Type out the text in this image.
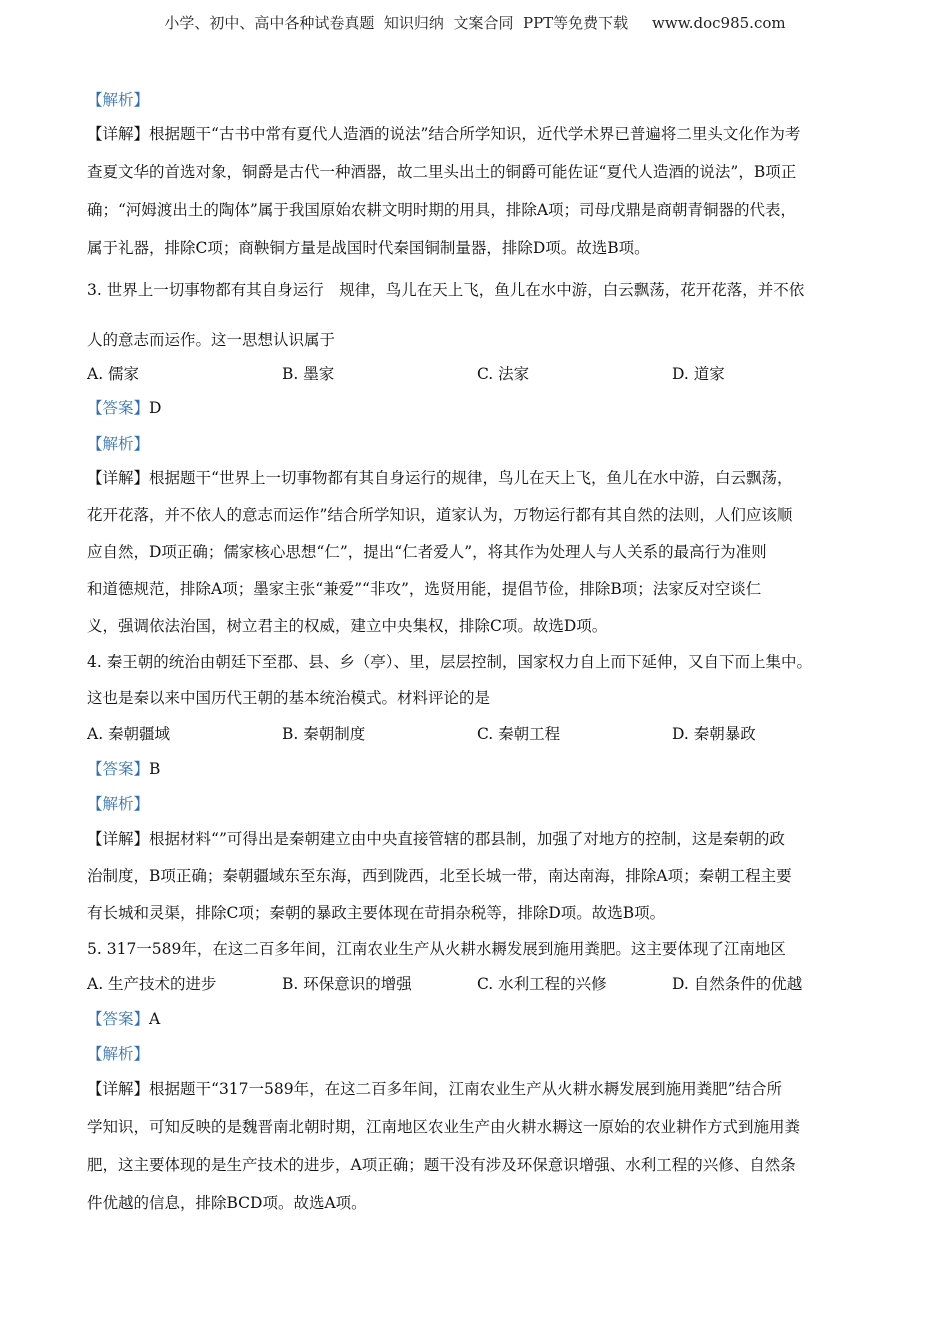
小学、初中、高中各种试卷真题  知识归纳  文案合同  PPT等免费下载     www.doc985.com
【解析】
【详解】根据题干“古书中常有夏代人造酒的说法”结合所学知识，近代学术界已普遍将二里头文化作为考
查夏文华的首选对象，铜爵是古代一种酒器，故二里头出土的铜爵可能佐证“夏代人造酒的说法”，B项正
确；“河姆渡出土的陶体”属于我国原始农耕文明时期的用具，排除A项；司母戊鼎是商朝青铜器的代表，
属于礼器，排除C项；商鞅铜方量是战国时代秦国铜制量器，排除D项。故选B项。
3. 世界上一切事物都有其自身运行　规律，鸟儿在天上飞，鱼儿在水中游，白云飘荡，花开花落，并不依
人的意志而运作。这一思想认识属于
A. 儒家	B. 墨家	C. 法家	D. 道家
【答案】D
【解析】
【详解】根据题干“世界上一切事物都有其自身运行的规律，鸟儿在天上飞，鱼儿在水中游，白云飘荡，
花开花落，并不依人的意志而运作”结合所学知识，道家认为，万物运行都有其自然的法则，人们应该顺
应自然，D项正确；儒家核心思想“仁”，提出“仁者爱人”，将其作为处理人与人关系的最高行为准则
和道德规范，排除A项；墨家主张“兼爱”“非攻”，选贤用能，提倡节俭，排除B项；法家反对空谈仁
义，强调依法治国，树立君主的权威，建立中央集权，排除C项。故选D项。
4. 秦王朝的统治由朝廷下至郡、县、乡（亭）、里，层层控制，国家权力自上而下延伸，又自下而上集中。
这也是秦以来中国历代王朝的基本统治模式。材料评论的是
A. 秦朝疆域	B. 秦朝制度	C. 秦朝工程	D. 秦朝暴政
【答案】B
【解析】
【详解】根据材料“”可得出是秦朝建立由中央直接管辖的郡县制，加强了对地方的控制，这是秦朝的政
治制度，B项正确；秦朝疆域东至东海，西到陇西，北至长城一带，南达南海，排除A项；秦朝工程主要
有长城和灵渠，排除C项；秦朝的暴政主要体现在苛捐杂税等，排除D项。故选B项。
5. 317一589年，在这二百多年间，江南农业生产从火耕水耨发展到施用粪肥。这主要体现了江南地区
A. 生产技术的进步	B. 环保意识的增强	C. 水利工程的兴修	D. 自然条件的优越
【答案】A
【解析】
【详解】根据题干“317一589年，在这二百多年间，江南农业生产从火耕水耨发展到施用粪肥”结合所
学知识，可知反映的是魏晋南北朝时期，江南地区农业生产由火耕水耨这一原始的农业耕作方式到施用粪
肥，这主要体现的是生产技术的进步，A项正确；题干没有涉及环保意识增强、水利工程的兴修、自然条
件优越的信息，排除BCD项。故选A项。
